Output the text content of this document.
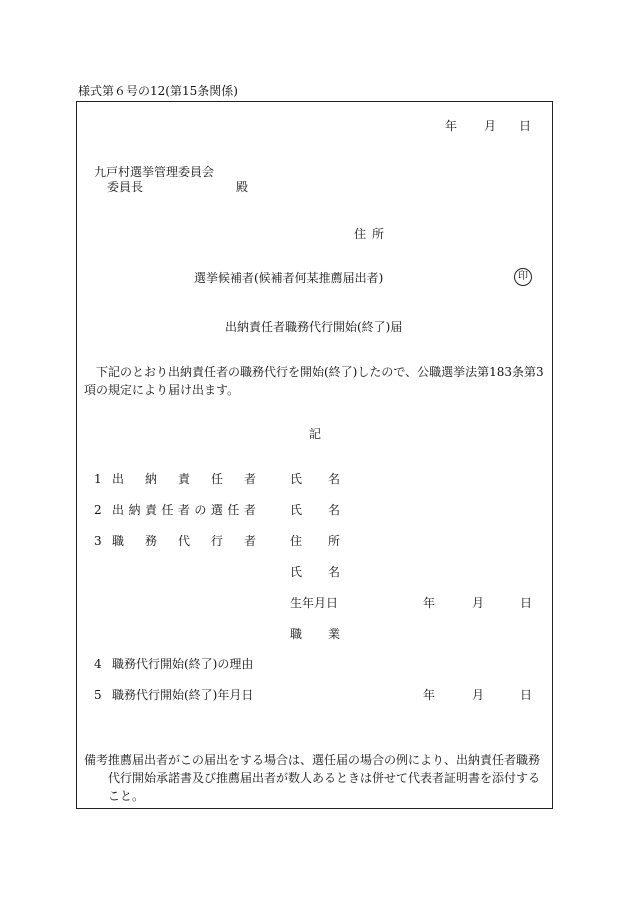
様式第６号の12(第15条関係)
年 月 日
九戸村選挙管理委員会
委員長	殿
住 所
選挙候補者(候補者何某推薦届出者)	印
出納責任者職務代行開始(終了)届
下記のとおり出納責任者の職務代行を開始(終了)したので、公職選挙法第183条第3項の規定により届け出ます。
記
1 出 納 責 任 者	氏 名
2 出 納 責 任 者 の 選 任 者	氏 名
3 職 務 代 行 者	住 所
氏 名
生年月日	年	月	日
職 業
4 職務代行開始(終了)の理由
5 職務代行開始(終了)年月日	年	月	日
備考 推薦届出者がこの届出をする場合は、選任届の場合の例により、出納責任者職務代行開始承諾書及び推薦届出者が数人あるときは併せて代表者証明書を添付すること。
